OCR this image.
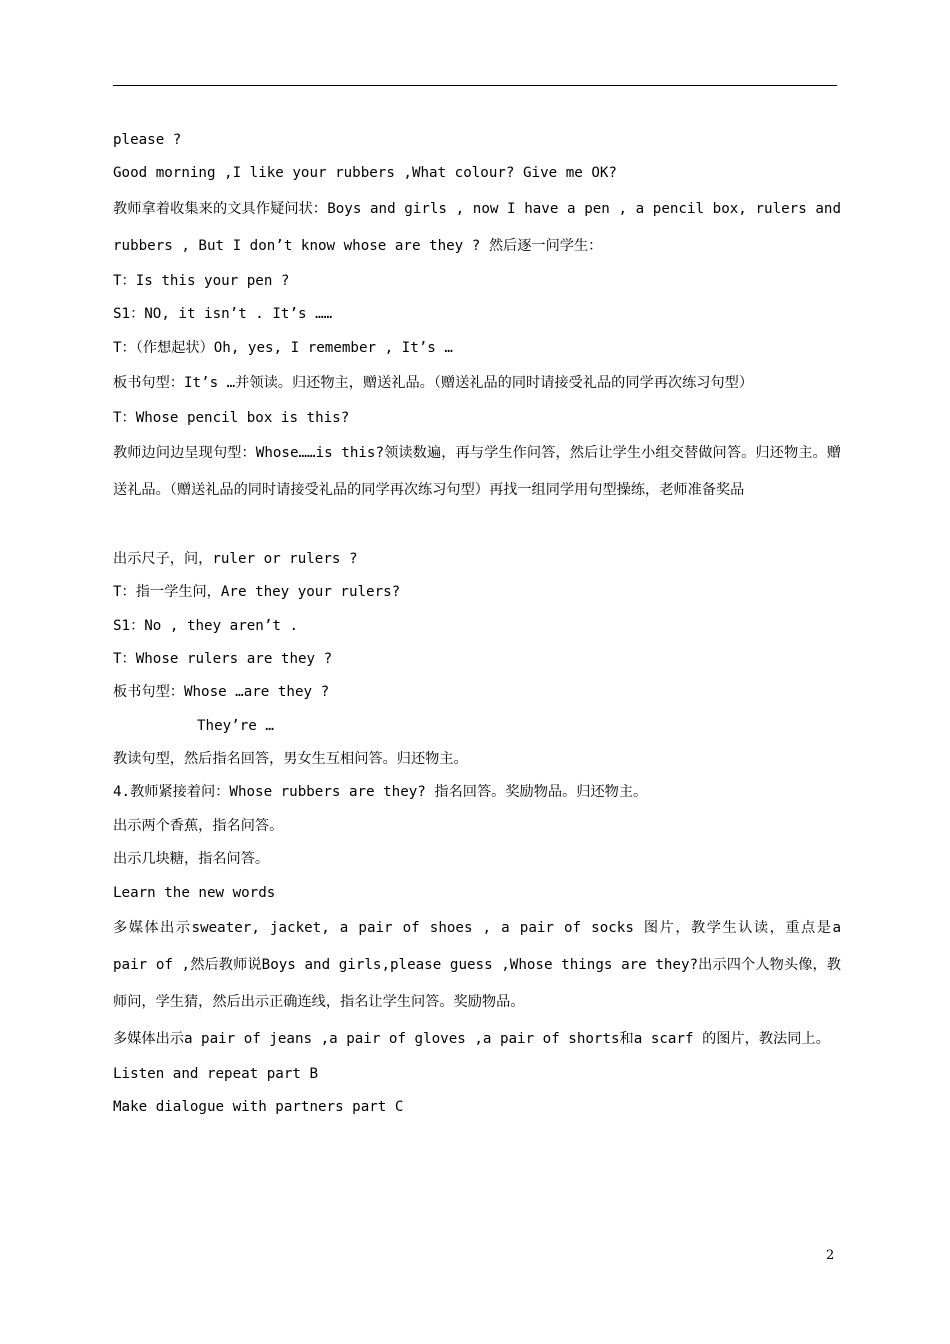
please ?
Good morning ,I like your rubbers ,What colour? Give me OK?
教师拿着收集来的文具作疑问状：Boys and girls , now I have a pen , a pencil box, rulers and rubbers , But I don’t know whose are they ? 然后逐一问学生：
T：Is this your pen ?
S1：NO, it isn’t . It’s ……
T：（作想起状）Oh, yes, I remember , It’s …
板书句型：It’s …并领读。归还物主，赠送礼品。（赠送礼品的同时请接受礼品的同学再次练习句型）
T：Whose pencil box is this?
教师边问边呈现句型：Whose……is this?领读数遍，再与学生作问答，然后让学生小组交替做问答。归还物主。赠送礼品。（赠送礼品的同时请接受礼品的同学再次练习句型）再找一组同学用句型操练，老师准备奖品
出示尺子，问，ruler or rulers ?
T：指一学生问，Are they your rulers?
S1：No , they aren’t .
T：Whose rulers are they ?
板书句型：Whose …are they ?
They’re …
教读句型，然后指名回答，男女生互相问答。归还物主。
4.教师紧接着问：Whose rubbers are they? 指名回答。奖励物品。归还物主。
出示两个香蕉，指名问答。
出示几块糖，指名问答。
Learn the new words
多媒体出示sweater, jacket, a pair of shoes , a pair of socks 图片，教学生认读，重点是a pair of ,然后教师说Boys and girls,please guess ,Whose things are they?出示四个人物头像，教师问，学生猜，然后出示正确连线，指名让学生问答。奖励物品。
多媒体出示a pair of jeans ,a pair of gloves ,a pair of shorts和a scarf 的图片，教法同上。
Listen and repeat part B
Make dialogue with partners part C
2
